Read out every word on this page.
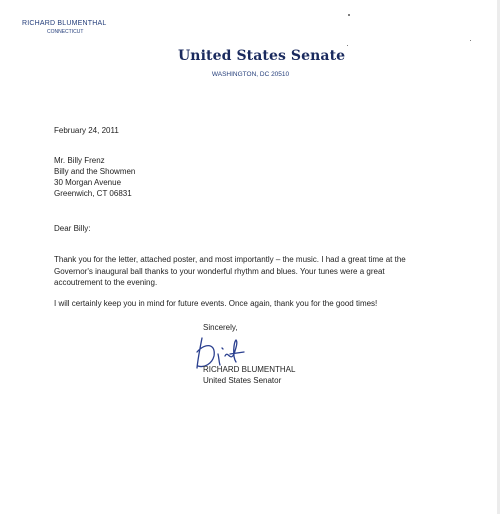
RICHARD BLUMENTHAL
CONNECTICUT
United States Senate
WASHINGTON, DC 20510
February 24, 2011
Mr. Billy Frenz
Billy and the Showmen
30 Morgan Avenue
Greenwich, CT 06831
Dear Billy:
Thank you for the letter, attached poster, and most importantly – the music. I had a great time at the
Governor's inaugural ball thanks to your wonderful rhythm and blues. Your tunes were a great
accoutrement to the evening.
I will certainly keep you in mind for future events. Once again, thank you for the good times!
Sincerely,
RICHARD BLUMENTHAL
United States Senator
